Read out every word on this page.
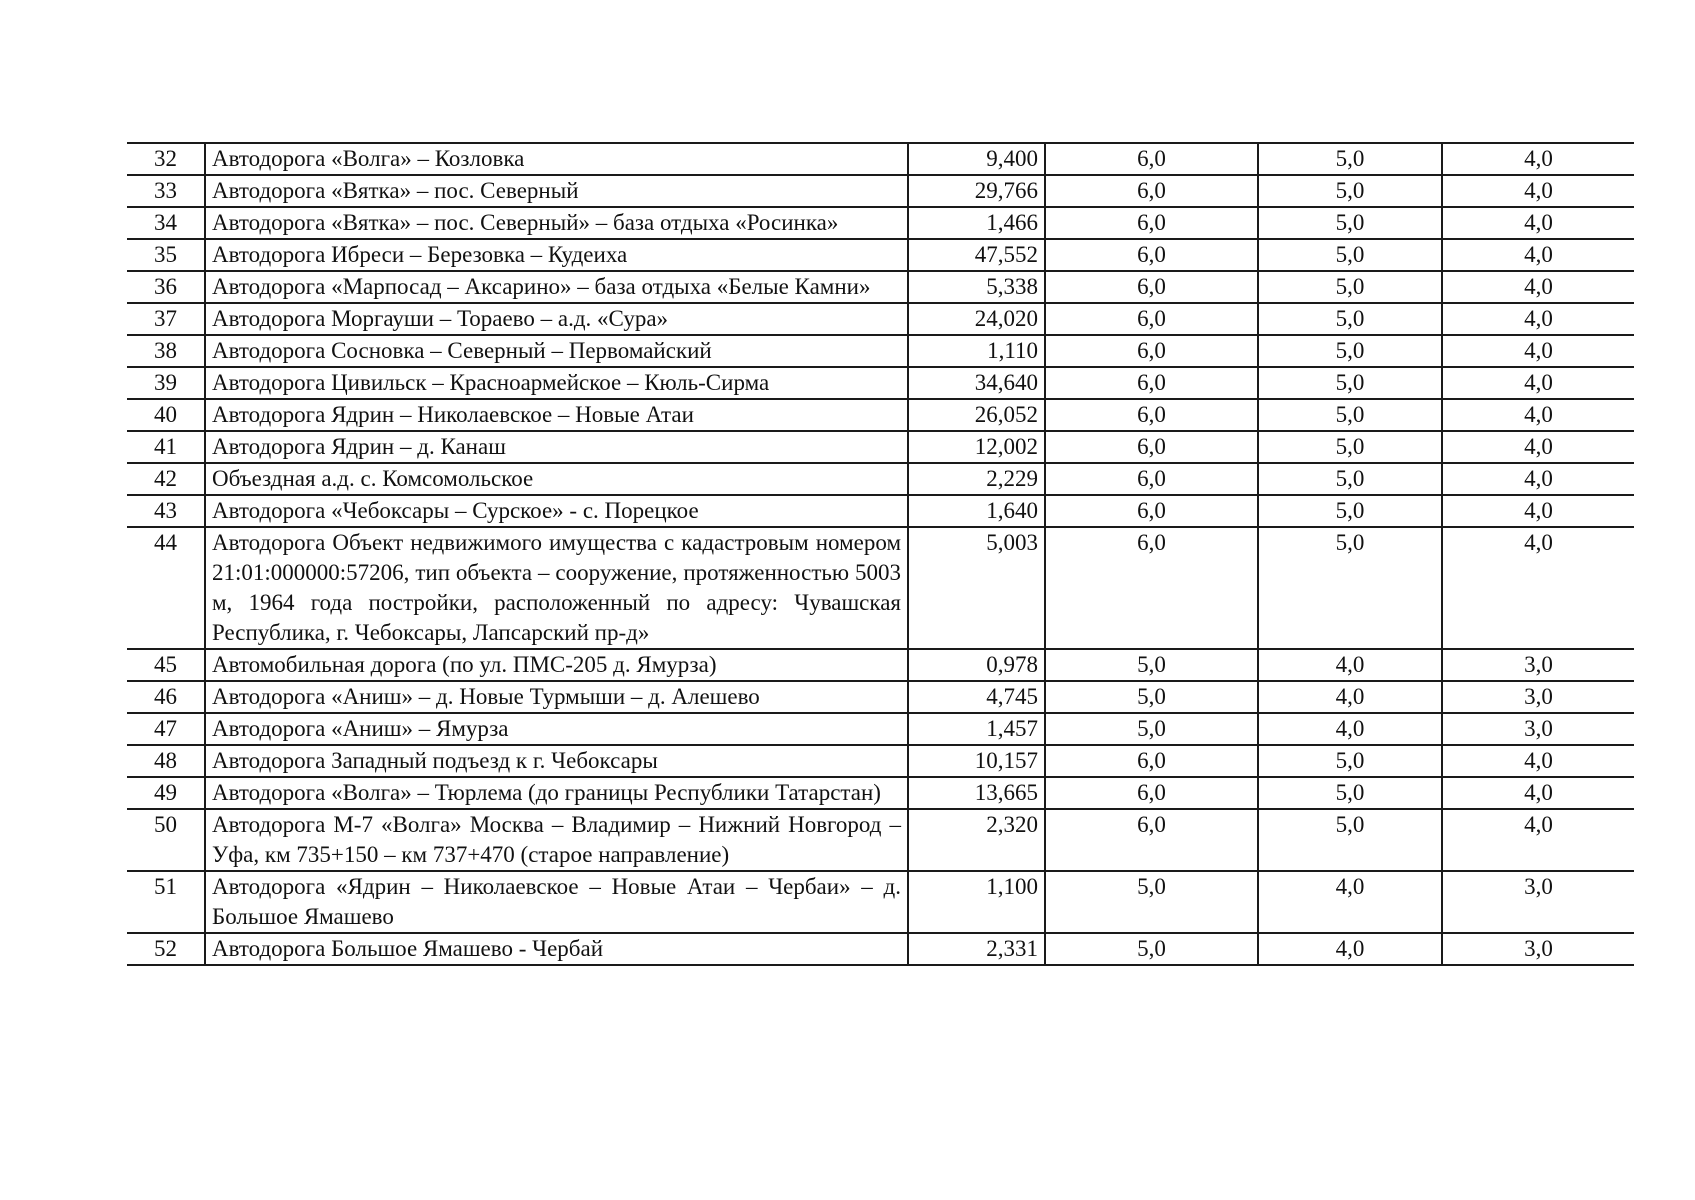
32	Автодорога «Волга» – Козловка	9,400	6,0	5,0	4,0
33	Автодорога «Вятка» – пос. Северный	29,766	6,0	5,0	4,0
34	Автодорога «Вятка» – пос. Северный» – база отдыха «Росинка»	1,466	6,0	5,0	4,0
35	Автодорога Ибреси – Березовка – Кудеиха	47,552	6,0	5,0	4,0
36	Автодорога «Марпосад – Аксарино» – база отдыха «Белые Камни»	5,338	6,0	5,0	4,0
37	Автодорога Моргауши – Тораево – а.д. «Сура»	24,020	6,0	5,0	4,0
38	Автодорога Сосновка – Северный – Первомайский	1,110	6,0	5,0	4,0
39	Автодорога Цивильск – Красноармейское – Кюль-Сирма	34,640	6,0	5,0	4,0
40	Автодорога Ядрин – Николаевское – Новые Атаи	26,052	6,0	5,0	4,0
41	Автодорога Ядрин – д. Канаш	12,002	6,0	5,0	4,0
42	Объездная а.д. с. Комсомольское	2,229	6,0	5,0	4,0
43	Автодорога «Чебоксары – Сурское» - с. Порецкое	1,640	6,0	5,0	4,0
44	Автодорога Объект недвижимого имущества с кадастровым номером 21:01:000000:57206, тип объекта – сооружение, протяженностью 5003 м, 1964 года постройки, расположенный по адресу: Чувашская Республика, г. Чебоксары, Лапсарский пр-д»	5,003	6,0	5,0	4,0
45	Автомобильная дорога (по ул. ПМС-205 д. Ямурза)	0,978	5,0	4,0	3,0
46	Автодорога «Аниш» – д. Новые Турмыши – д. Алешево	4,745	5,0	4,0	3,0
47	Автодорога «Аниш» – Ямурза	1,457	5,0	4,0	3,0
48	Автодорога Западный подъезд к г. Чебоксары	10,157	6,0	5,0	4,0
49	Автодорога «Волга» – Тюрлема (до границы Республики Татарстан)	13,665	6,0	5,0	4,0
50	Автодорога М-7 «Волга» Москва – Владимир – Нижний Новгород – Уфа, км 735+150 – км 737+470 (старое направление)	2,320	6,0	5,0	4,0
51	Автодорога «Ядрин – Николаевское – Новые Атаи – Чербаи» – д. Большое Ямашево	1,100	5,0	4,0	3,0
52	Автодорога Большое Ямашево - Чербай	2,331	5,0	4,0	3,0
